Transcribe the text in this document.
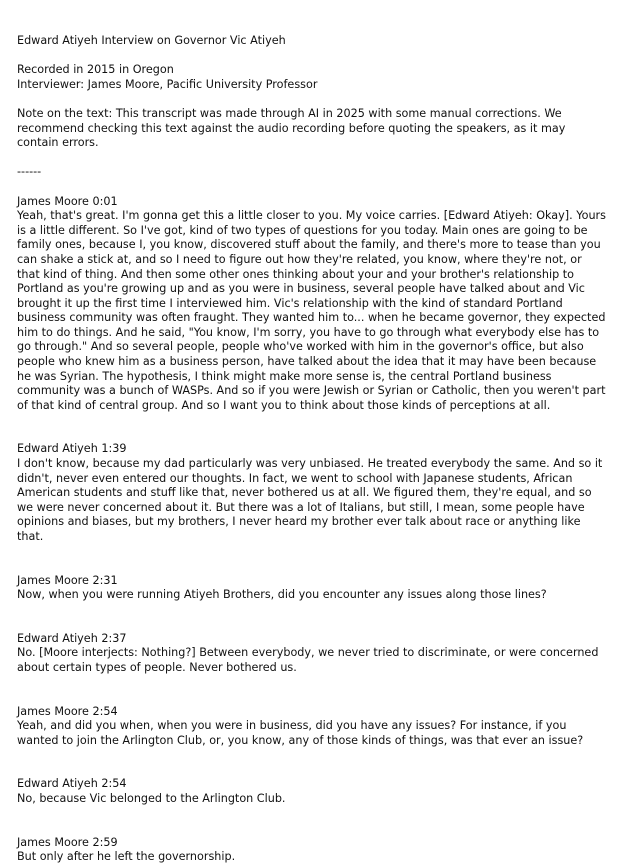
Edward Atiyeh Interview on Governor Vic Atiyeh

Recorded in 2015 in Oregon

Interviewer: James Moore, Pacific University Professor

Note on the text: This transcript was made through AI in 2025 with some manual corrections. We recommend checking this text against the audio recording before quoting the speakers, as it may contain errors.

------

James Moore 0:01

Yeah, that's great. I'm gonna get this a little closer to you. My voice carries. [Edward Atiyeh: Okay]. Yours is a little different. So I've got, kind of two types of questions for you today. Main ones are going to be family ones, because I, you know, discovered stuff about the family, and there's more to tease than you can shake a stick at, and so I need to figure out how they're related, you know, where they're not, or that kind of thing. And then some other ones thinking about your and your brother's relationship to Portland as you're growing up and as you were in business, several people have talked about and Vic brought it up the first time I interviewed him. Vic's relationship with the kind of standard Portland business community was often fraught. They wanted him to... when he became governor, they expected him to do things. And he said, "You know, I'm sorry, you have to go through what everybody else has to go through." And so several people, people who've worked with him in the governor's office, but also people who knew him as a business person, have talked about the idea that it may have been because he was Syrian. The hypothesis, I think might make more sense is, the central Portland business community was a bunch of WASPs. And so if you were Jewish or Syrian or Catholic, then you weren't part of that kind of central group. And so I want you to think about those kinds of perceptions at all.

Edward Atiyeh 1:39

I don't know, because my dad particularly was very unbiased. He treated everybody the same. And so it didn't, never even entered our thoughts. In fact, we went to school with Japanese students, African American students and stuff like that, never bothered us at all. We figured them, they're equal, and so we were never concerned about it. But there was a lot of Italians, but still, I mean, some people have opinions and biases, but my brothers, I never heard my brother ever talk about race or anything like that.

James Moore 2:31

Now, when you were running Atiyeh Brothers, did you encounter any issues along those lines?

Edward Atiyeh 2:37

No. [Moore interjects: Nothing?] Between everybody, we never tried to discriminate, or were concerned about certain types of people. Never bothered us.

James Moore 2:54

Yeah, and did you when, when you were in business, did you have any issues? For instance, if you wanted to join the Arlington Club, or, you know, any of those kinds of things, was that ever an issue?

Edward Atiyeh 2:54

No, because Vic belonged to the Arlington Club.

James Moore 2:59

But only after he left the governorship.
